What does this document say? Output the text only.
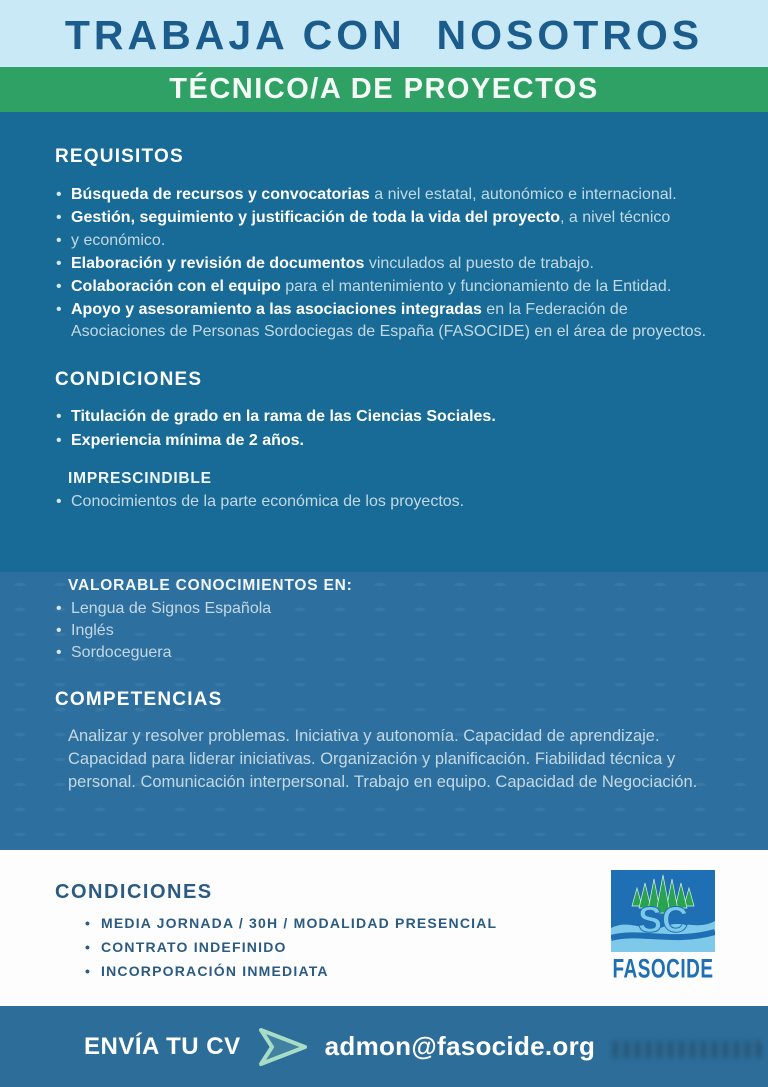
TRABAJA CON  NOSOTROS
TÉCNICO/A DE PROYECTOS
REQUISITOS
• Búsqueda de recursos y convocatorias a nivel estatal, autonómico e internacional.
• Gestión, seguimiento y justificación de toda la vida del proyecto, a nivel técnico
• y económico.
• Elaboración y revisión de documentos vinculados al puesto de trabajo.
• Colaboración con el equipo para el mantenimiento y funcionamiento de la Entidad.
• Apoyo y asesoramiento a las asociaciones integradas en la Federación de Asociaciones de Personas Sordociegas de España (FASOCIDE) en el área de proyectos.
CONDICIONES
• Titulación de grado en la rama de las Ciencias Sociales.
• Experiencia mínima de 2 años.
IMPRESCINDIBLE
• Conocimientos de la parte económica de los proyectos.
VALORABLE CONOCIMIENTOS EN:
• Lengua de Signos Española
• Inglés
• Sordoceguera
COMPETENCIAS

Analizar y resolver problemas. Iniciativa y autonomía. Capacidad de aprendizaje. Capacidad para liderar iniciativas. Organización y planificación. Fiabilidad técnica y personal. Comunicación interpersonal. Trabajo en equipo. Capacidad de Negociación.

CONDICIONES
• MEDIA JORNADA / 30H / MODALIDAD PRESENCIAL
• CONTRATO INDEFINIDO
• INCORPORACIÓN INMEDIATA
SC
FASOCIDE
ENVÍA TU CV	admon@fasocide.org
